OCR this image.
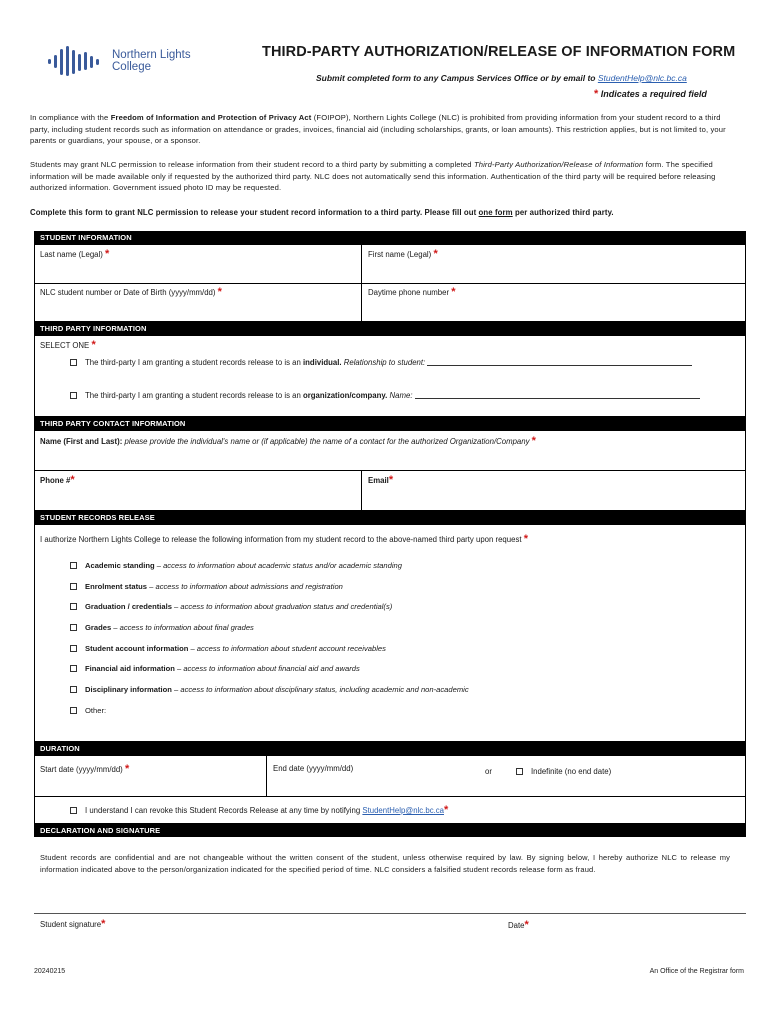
Northern Lights
College
THIRD-PARTY AUTHORIZATION/RELEASE OF INFORMATION FORM
Submit completed form to any Campus Services Office or by email to StudentHelp@nlc.bc.ca
* Indicates a required field
In compliance with the Freedom of Information and Protection of Privacy Act (FOIPOP), Northern Lights College (NLC) is prohibited from providing information from your student record to a third party, including student records such as information on attendance or grades, invoices, financial aid (including scholarships, grants, or loan amounts). This restriction applies, but is not limited to, your parents or guardians, your spouse, or a sponsor.
Students may grant NLC permission to release information from their student record to a third party by submitting a completed Third-Party Authorization/Release of Information form. The specified information will be made available only if requested by the authorized third party. NLC does not automatically send this information. Authentication of the third party will be required before releasing authorized information. Government issued photo ID may be requested.
Complete this form to grant NLC permission to release your student record information to a third party. Please fill out one form per authorized third party.
STUDENT INFORMATION
Last name (Legal) *	First name (Legal) *
NLC student number or Date of Birth (yyyy/mm/dd) *	Daytime phone number *
THIRD PARTY INFORMATION
SELECT ONE *
The third-party I am granting a student records release to is an individual. Relationship to student:
The third-party I am granting a student records release to is an organization/company. Name:
THIRD PARTY CONTACT INFORMATION
Name (First and Last): please provide the individual's name or (if applicable) the name of a contact for the authorized Organization/Company *
Phone #*	Email*
STUDENT RECORDS RELEASE
I authorize Northern Lights College to release the following information from my student record to the above-named third party upon request *
Academic standing – access to information about academic status and/or academic standing
Enrolment status – access to information about admissions and registration
Graduation / credentials – access to information about graduation status and credential(s)
Grades – access to information about final grades
Student account information – access to information about student account receivables
Financial aid information – access to information about financial aid and awards
Disciplinary information – access to information about disciplinary status, including academic and non-academic
Other:
DURATION
Start date (yyyy/mm/dd) *	End date (yyyy/mm/dd)	or	Indefinite (no end date)
I understand I can revoke this Student Records Release at any time by notifying StudentHelp@nlc.bc.ca*
DECLARATION AND SIGNATURE
Student records are confidential and are not changeable without the written consent of the student, unless otherwise required by law. By signing below, I hereby authorize NLC to release my information indicated above to the person/organization indicated for the specified period of time. NLC considers a falsified student records release form as fraud.
Student signature*	Date*
20240215	An Office of the Registrar form
